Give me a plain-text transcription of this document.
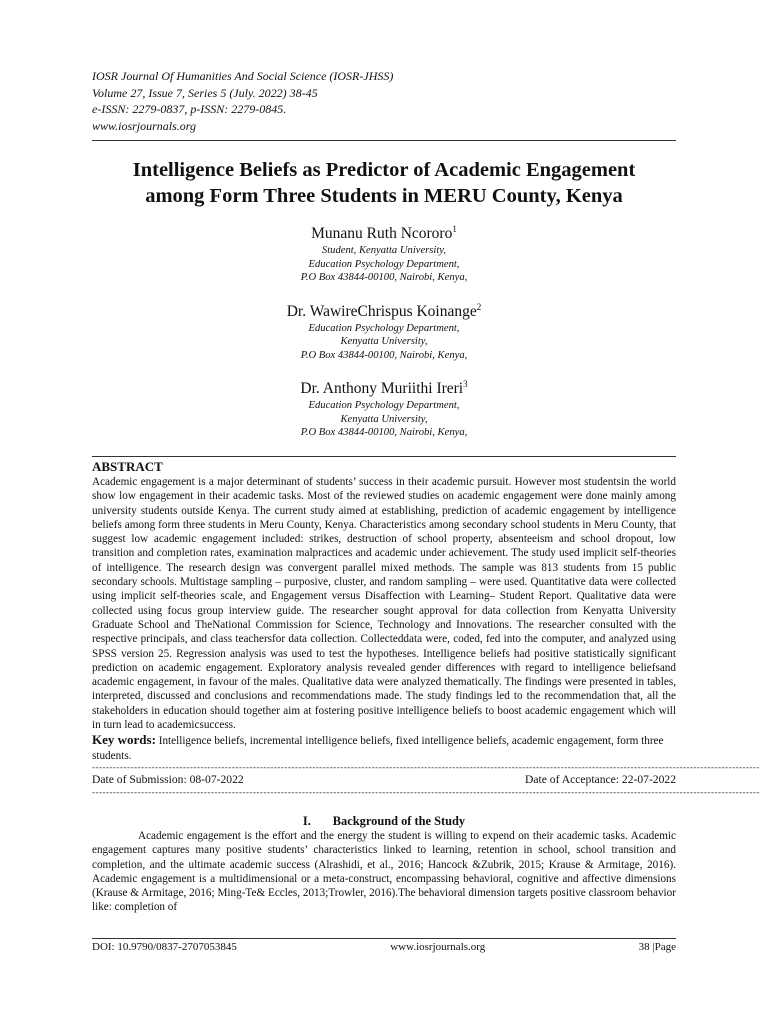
IOSR Journal Of Humanities And Social Science (IOSR-JHSS)
Volume 27, Issue 7, Series 5 (July. 2022) 38-45
e-ISSN: 2279-0837, p-ISSN: 2279-0845.
www.iosrjournals.org
Intelligence Beliefs as Predictor of Academic Engagement
among Form Three Students in MERU County, Kenya
Munanu Ruth Ncororo$^1$
Student, Kenyatta University,
Education Psychology Department,
P.O Box 43844-00100, Nairobi, Kenya,
Dr. WawireChrispus Koinange$^2$
Education Psychology Department,
Kenyatta University,
P.O Box 43844-00100, Nairobi, Kenya,
Dr. Anthony Muriithi Ireri$^3$
Education Psychology Department,
Kenyatta University,
P.O Box 43844-00100, Nairobi, Kenya,
ABSTRACT
Academic engagement is a major determinant of students’ success in their academic pursuit. However most studentsin the world show low engagement in their academic tasks. Most of the reviewed studies on academic engagement were done mainly among university students outside Kenya. The current study aimed at establishing, prediction of academic engagement by intelligence beliefs among form three students in Meru County, Kenya. Characteristics among secondary school students in Meru County, that suggest low academic engagement included: strikes, destruction of school property, absenteeism and school dropout, low transition and completion rates, examination malpractices and academic under achievement. The study used implicit self-theories of intelligence. The research design was convergent parallel mixed methods. The sample was 813 students from 15 public secondary schools. Multistage sampling – purposive, cluster, and random sampling – were used. Quantitative data were collected using implicit self-theories scale, and Engagement versus Disaffection with Learning– Student Report. Qualitative data were collected using focus group interview guide. The researcher sought approval for data collection from Kenyatta University Graduate School and TheNational Commission for Science, Technology and Innovations. The researcher consulted with the respective principals, and class teachersfor data collection. Collecteddata were, coded, fed into the computer, and analyzed using SPSS version 25. Regression analysis was used to test the hypotheses. Intelligence beliefs had positive statistically significant prediction on academic engagement. Exploratory analysis revealed gender differences with regard to intelligence beliefsand academic engagement, in favour of the males. Qualitative data were analyzed thematically. The findings were presented in tables, interpreted, discussed and conclusions and recommendations made. The study findings led to the recommendation that, all the stakeholders in education should together aim at fostering positive intelligence beliefs to boost academic engagement which will in turn lead to academicsuccess.
Key words: Intelligence beliefs, incremental intelligence beliefs, fixed intelligence beliefs, academic engagement, form three students.
-----------------------------------------------------------------------------------------------------------------------------------------------------------------------------------------------
Date of Submission: 08-07-2022	Date of Acceptance: 22-07-2022
-----------------------------------------------------------------------------------------------------------------------------------------------------------------------------------------------
I. Background of the Study
Academic engagement is the effort and the energy the student is willing to expend on their academic tasks. Academic engagement captures many positive students’ characteristics linked to learning, retention in school, school transition and completion, and the ultimate academic success (Alrashidi, et al., 2016; Hancock &Zubrik, 2015; Krause & Armitage, 2016). Academic engagement is a multidimensional or a meta-construct, encompassing behavioral, cognitive and affective dimensions (Krause & Armitage, 2016; Ming-Te& Eccles, 2013;Trowler, 2016).The behavioral dimension targets positive classroom behavior like: completion of
DOI: 10.9790/0837-2707053845	www.iosrjournals.org	38 |Page
